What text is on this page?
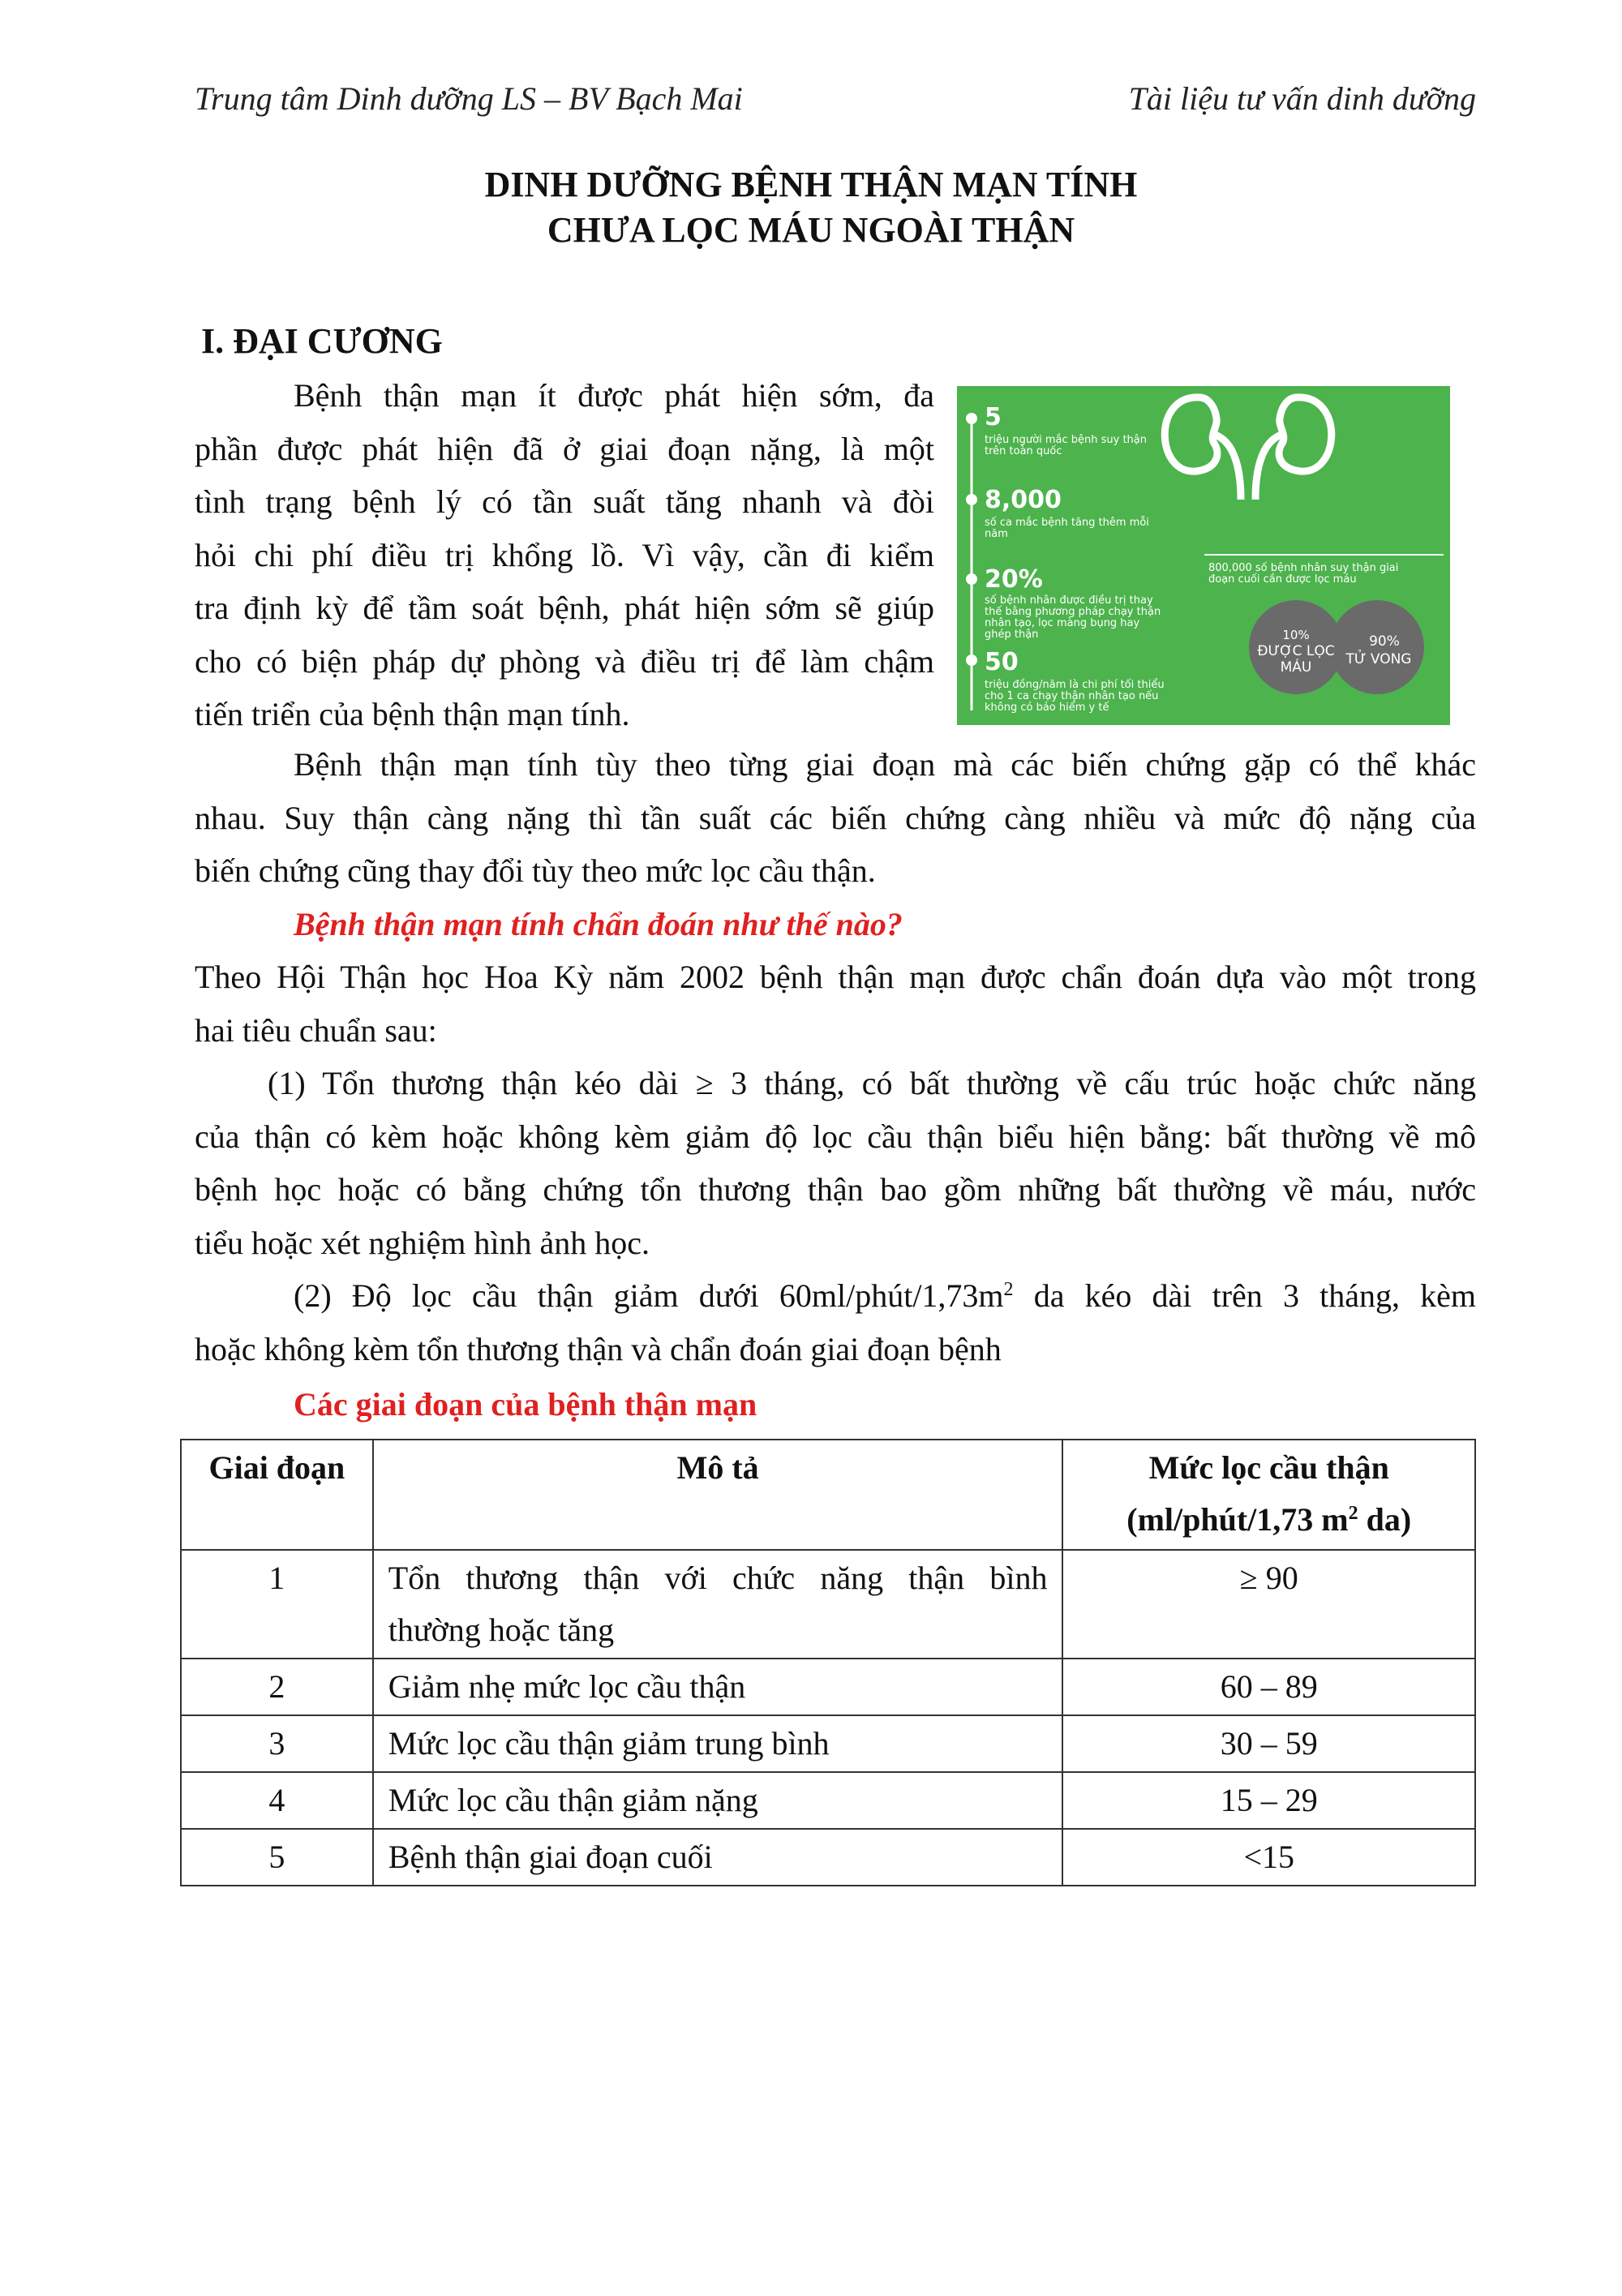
Trung tâm Dinh dưỡng LS – BV Bạch Mai	Tài liệu tư vấn dinh dưỡng
DINH DƯỠNG BỆNH THẬN MẠN TÍNH
CHƯA LỌC MÁU NGOÀI THẬN
I. ĐẠI CƯƠNG
Bệnh thận mạn ít được phát hiện sớm, đa
phần được phát hiện đã ở giai đoạn nặng, là một
tình trạng bệnh lý có tần suất tăng nhanh và đòi
hỏi chi phí điều trị khổng lồ. Vì vậy, cần đi kiểm
tra định kỳ để tầm soát bệnh, phát hiện sớm sẽ giúp
cho có biện pháp dự phòng và điều trị để làm chậm
tiến triển của bệnh thận mạn tính.
5
triệu người mắc bệnh suy thận
trên toàn quốc
8,000
số ca mắc bệnh tăng thêm mỗi
năm
20%
số bệnh nhân được điều trị thay
thế bằng phương pháp chạy thận
nhân tạo, lọc màng bụng hay
ghép thận
50
triệu đồng/năm là chi phí tối thiểu
cho 1 ca chạy thận nhân tạo nếu
không có bảo hiểm y tế
800,000 số bệnh nhân suy thận giai
đoạn cuối cần được lọc máu
10%
ĐƯỢC LỌC
MÁU
90%
TỬ VONG
Bệnh thận mạn tính tùy theo từng giai đoạn mà các biến chứng gặp có thể khác
nhau. Suy thận càng nặng thì tần suất các biến chứng càng nhiều và mức độ nặng của
biến chứng cũng thay đổi tùy theo mức lọc cầu thận.
Bệnh thận mạn tính chẩn đoán như thế nào?
Theo Hội Thận học Hoa Kỳ năm 2002 bệnh thận mạn được chẩn đoán dựa vào một trong
hai tiêu chuẩn sau:
(1) Tổn thương thận kéo dài ≥ 3 tháng, có bất thường về cấu trúc hoặc chức năng
của thận có kèm hoặc không kèm giảm độ lọc cầu thận biểu hiện bằng: bất thường về mô
bệnh học hoặc có bằng chứng tổn thương thận bao gồm những bất thường về máu, nước
tiểu hoặc xét nghiệm hình ảnh học.
(2) Độ lọc cầu thận giảm dưới $60ml/phút/1,73m^2$ da kéo dài trên 3 tháng, kèm
hoặc không kèm tổn thương thận và chẩn đoán giai đoạn bệnh
Các giai đoạn của bệnh thận mạn
Giai đoạn	Mô tả	Mức lọc cầu thận
(ml/phút/1,73 $m^2$ da)

1	Tổn thương thận với chức năng thận bình
thường hoặc tăng	≥ 90
2	Giảm nhẹ mức lọc cầu thận	60 – 89
3	Mức lọc cầu thận giảm trung bình	30 – 59
4	Mức lọc cầu thận giảm nặng	15 – 29
5	Bệnh thận giai đoạn cuối	<15
